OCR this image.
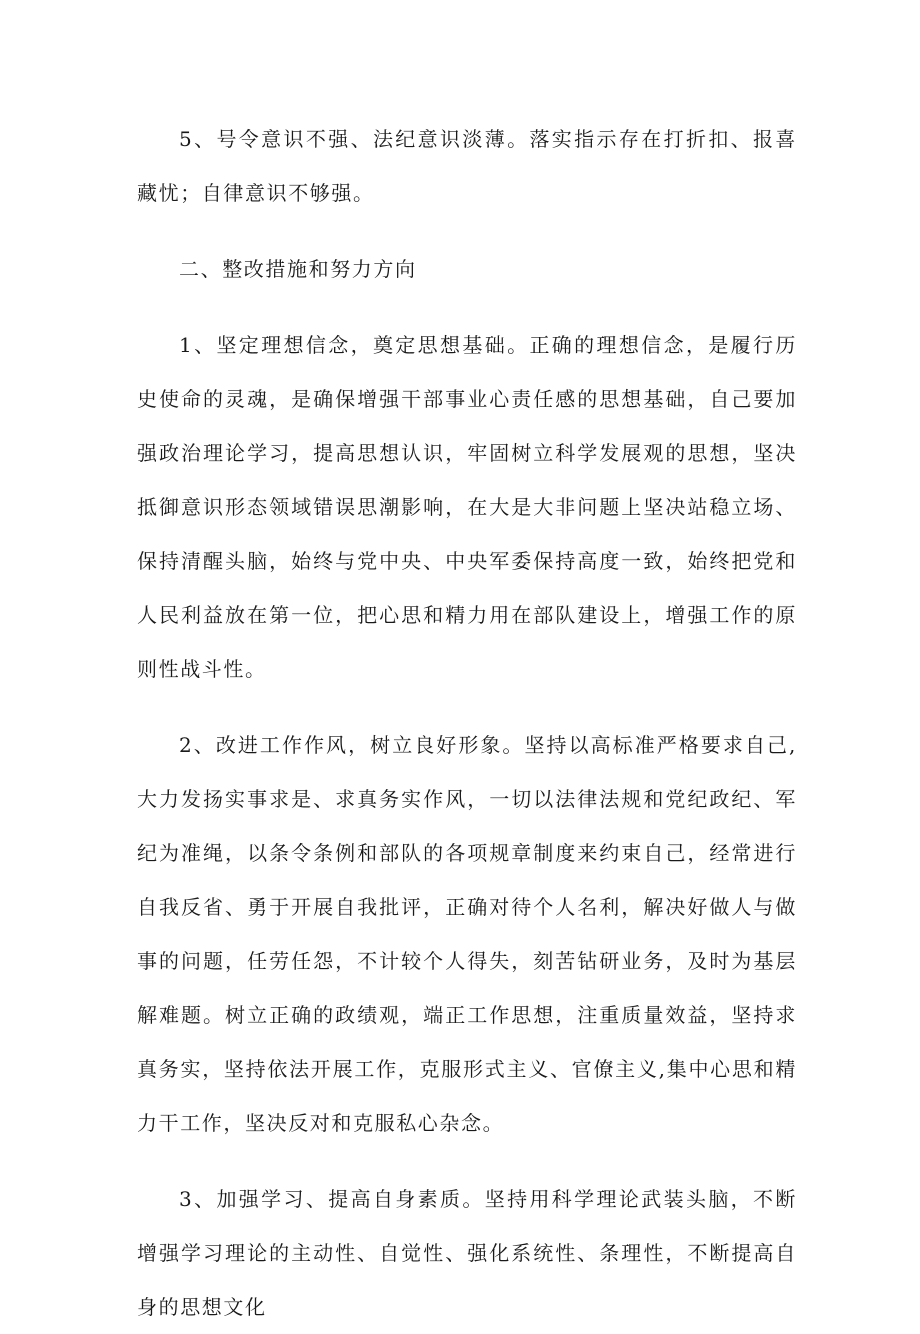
5、号令意识不强、法纪意识淡薄。落实指示存在打折扣、报喜藏忧；自律意识不够强。

二、整改措施和努力方向

1、坚定理想信念，奠定思想基础。正确的理想信念，是履行历史使命的灵魂，是确保增强干部事业心责任感的思想基础，自己要加强政治理论学习，提高思想认识，牢固树立科学发展观的思想，坚决抵御意识形态领域错误思潮影响，在大是大非问题上坚决站稳立场、保持清醒头脑，始终与党中央、中央军委保持高度一致，始终把党和人民利益放在第一位，把心思和精力用在部队建设上，增强工作的原则性战斗性。

2、改进工作作风，树立良好形象。坚持以高标准严格要求自己,大力发扬实事求是、求真务实作风，一切以法律法规和党纪政纪、军纪为准绳，以条令条例和部队的各项规章制度来约束自己，经常进行自我反省、勇于开展自我批评，正确对待个人名利，解决好做人与做事的问题，任劳任怨，不计较个人得失，刻苦钻研业务，及时为基层解难题。树立正确的政绩观，端正工作思想，注重质量效益，坚持求真务实，坚持依法开展工作，克服形式主义、官僚主义,集中心思和精力干工作，坚决反对和克服私心杂念。

3、加强学习、提高自身素质。坚持用科学理论武装头脑，不断增强学习理论的主动性、自觉性、强化系统性、条理性，不断提高自身的思想文化
